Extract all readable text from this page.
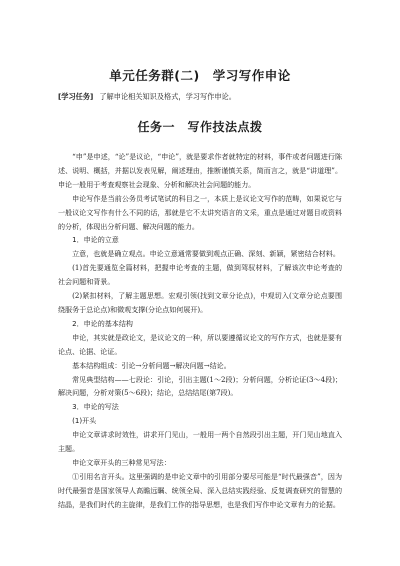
单元任务群(二)　学习写作申论
[学习任务] 了解申论相关知识及格式，学习写作申论。
任务一　写作技法点拨

“申”是申述，“论”是议论，“申论”，就是要求作者就特定的材料，事件或者问题进行陈述、说明、概括，并据以发表见解，阐述理由，推断谨慎关系，简而言之，就是“讲道理”。申论一般用于考查观察社会现象、分析和解决社会问题的能力。

申论写作是当前公务员考试笔试的科目之一，本质上是议论文写作的范畴，如果说它与一般议论文写作有什么不同的话，那就是它不太讲究语言的文采，重点是通过对题目或资料的分析，体现出分析问题、解决问题的能力。

1．申论的立意

立意，也就是确立观点。申论立意通常要做到观点正确、深刻、新颖，紧密结合材料。

(1)首先要通览全篇材料，把握申论考查的主题，做到驾驭材料，了解该次申论考查的社会问题和背景。

(2)紧扣材料，了解主题思想。宏观引领(找到文章分论点)，中观切入(文章分论点要围绕服务于总论点)和微观支撑(分论点如何展开)。

2．申论的基本结构

申论，其实就是政论文，是议论文的一种，所以要遵循议论文的写作方式，也就是要有论点、论据、论证。

基本结构组成：引论→分析问题→解决问题→结论。

常见典型结构——七段论：引论，引出主题(1～2段)；分析问题，分析论证(3～4段)；解决问题，分析对策(5～6段)；结论，总结结尾(第7段)。

3．申论的写法

(1)开头

申论文章讲求时效性，讲求开门见山，一般用一两个自然段引出主题，开门见山地直入主题。

申论文章开头的三种常见写法：

①引用名言开头。这里强调的是申论文章中的引用部分要尽可能是“时代最强音”，因为时代最强音是国家领导人高瞻远瞩、统领全局、深入总结实践经验、反复调查研究的智慧的结晶，是我们时代的主旋律，是我们工作的指导思想，也是我们写作申论文章有力的论据。
